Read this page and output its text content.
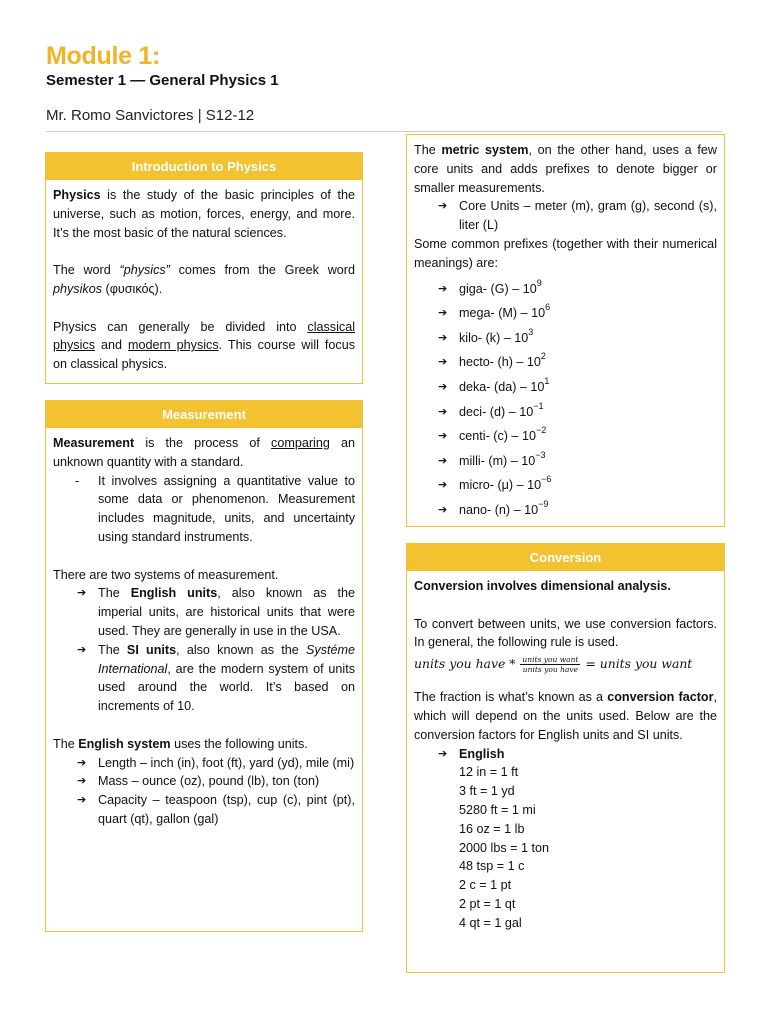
Module 1:
Semester 1 — General Physics 1
Mr. Romo Sanvictores | S12-12
Introduction to Physics

Physics is the study of the basic principles of the universe, such as motion, forces, energy, and more. It’s the most basic of the natural sciences.

The word “physics” comes from the Greek word physikos (φυσικός).

Physics can generally be divided into classical physics and modern physics. This course will focus on classical physics.

Measurement

Measurement is the process of comparing an unknown quantity with a standard.

- It involves assigning a quantitative value to some data or phenomenon. Measurement includes magnitude, units, and uncertainty using standard instruments.

There are two systems of measurement.

➔ The English units, also known as the imperial units, are historical units that were used. They are generally in use in the USA.
➔ The SI units, also known as the Systéme International, are the modern system of units used around the world. It’s based on increments of 10.

The English system uses the following units.

➔ Length – inch (in), foot (ft), yard (yd), mile (mi)
➔ Mass – ounce (oz), pound (lb), ton (ton)
➔ Capacity – teaspoon (tsp), cup (c), pint (pt), quart (qt), gallon (gal)

The metric system, on the other hand, uses a few core units and adds prefixes to denote bigger or smaller measurements.

➔ Core Units – meter (m), gram (g), second (s), liter (L)

Some common prefixes (together with their numerical meanings) are:

➔ giga- $(G) - 10^9$
➔ mega- $(M) - 10^6$
➔ kilo- $(k) - 10^3$
➔ hecto- $(h) - 10^2$
➔ deka- $(da) - 10^1$
➔ deci- $(d) - 10^{-1}$
➔ centi- $(c) - 10^{-2}$
➔ milli- $(m) - 10^{-3}$
➔ micro- $(\mu) - 10^{-6}$
➔ nano- $(n) - 10^{-9}$
Conversion

Conversion involves dimensional analysis.

To convert between units, we use conversion factors. In general, the following rule is used.

units you have * $\frac{\text{units you want}}{\text{units you have}}$ = units you want

The fraction is what’s known as a conversion factor, which will depend on the units used. Below are the conversion factors for English units and SI units.

➔ English
12 in = 1 ft
3 ft = 1 yd
5280 ft = 1 mi
16 oz = 1 lb
2000 lbs = 1 ton
48 tsp = 1 c
2 c = 1 pt
2 pt = 1 qt
4 qt = 1 gal
